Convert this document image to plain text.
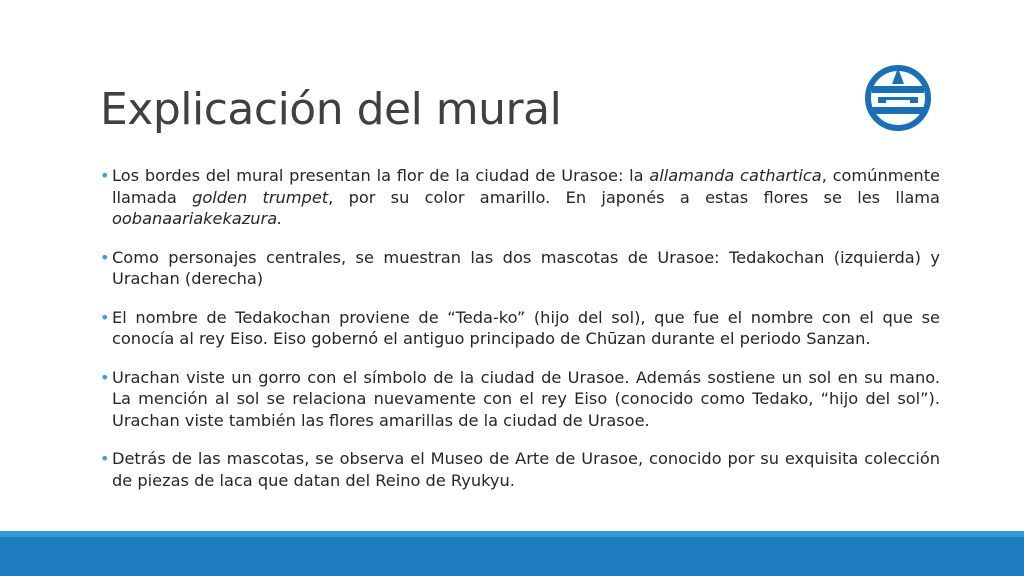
Explicación del mural
• Los bordes del mural presentan la flor de la ciudad de Urasoe: la allamanda cathartica, comúnmente llamada golden trumpet, por su color amarillo. En japonés a estas flores se les llama oobanaariakekazura.
• Como personajes centrales, se muestran las dos mascotas de Urasoe: Tedakochan (izquierda) y Urachan (derecha)
• El nombre de Tedakochan proviene de “Teda-ko” (hijo del sol), que fue el nombre con el que se conocía al rey Eiso. Eiso gobernó el antiguo principado de Chūzan durante el periodo Sanzan.
• Urachan viste un gorro con el símbolo de la ciudad de Urasoe. Además sostiene un sol en su mano. La mención al sol se relaciona nuevamente con el rey Eiso (conocido como Tedako, “hijo del sol”). Urachan viste también las flores amarillas de la ciudad de Urasoe.
• Detrás de las mascotas, se observa el Museo de Arte de Urasoe, conocido por su exquisita colección de piezas de laca que datan del Reino de Ryukyu.
